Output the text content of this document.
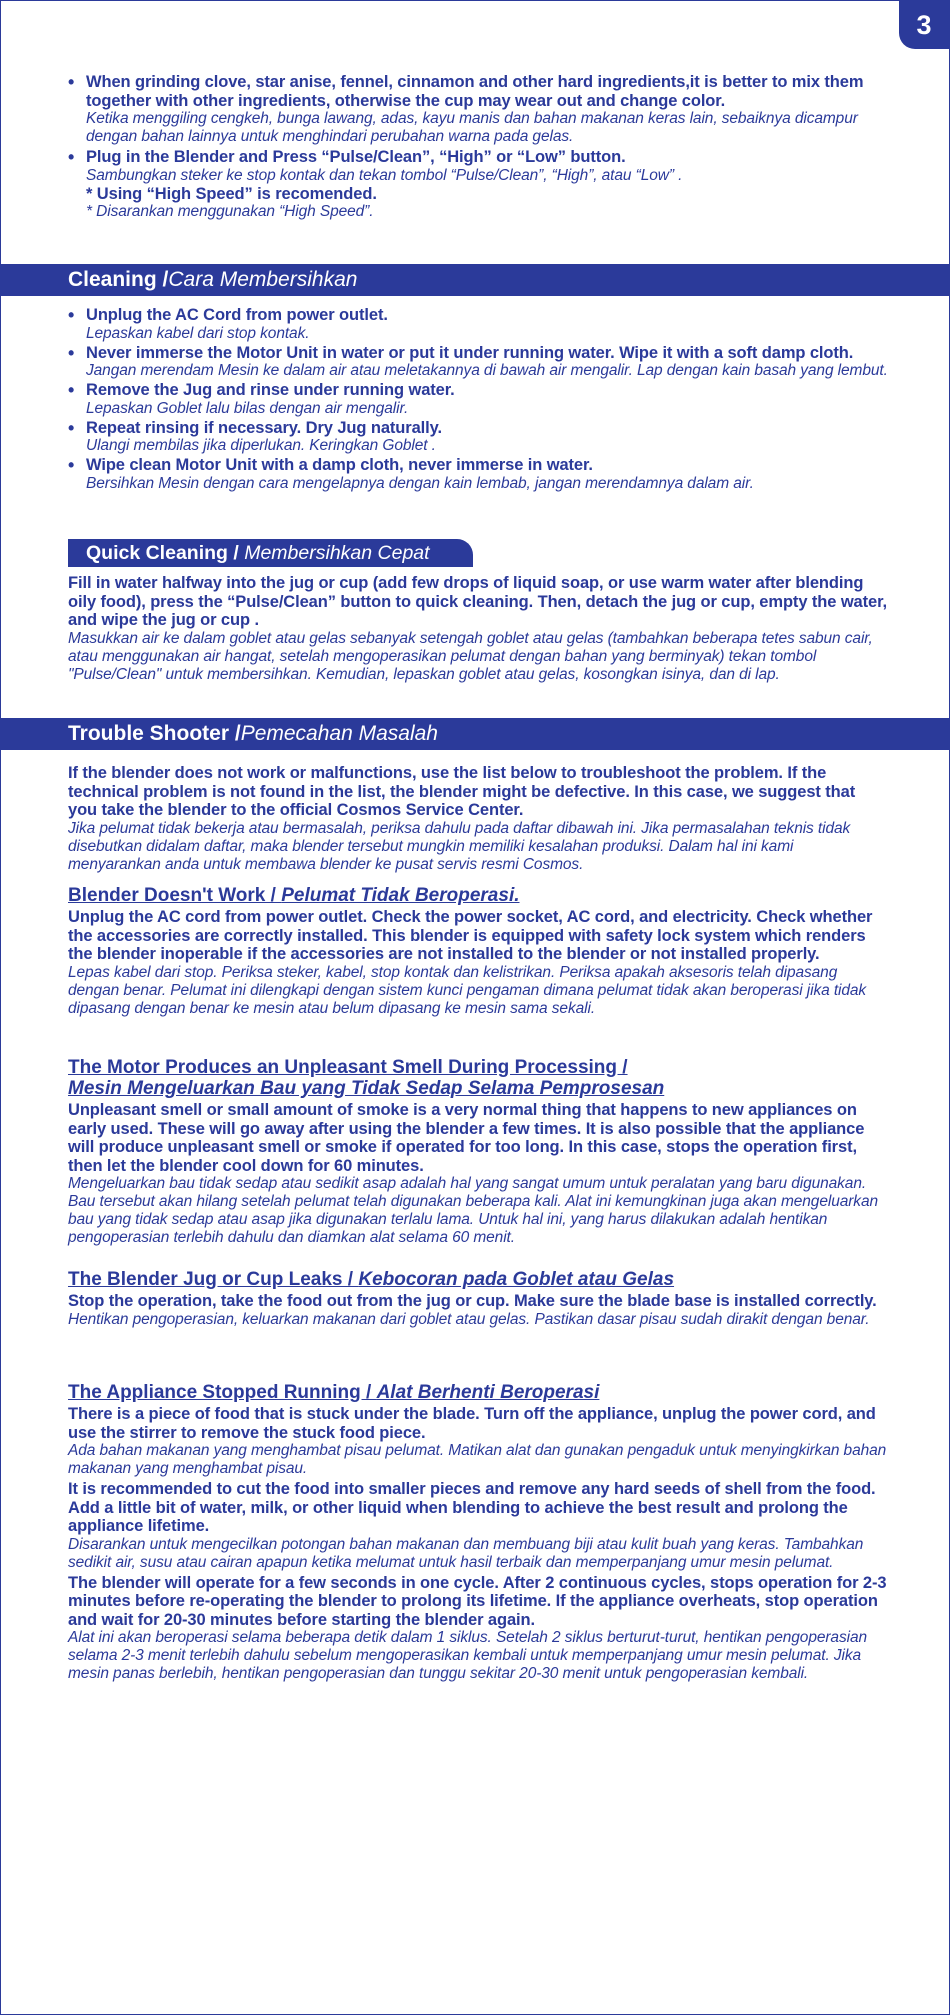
3
• When grinding clove, star anise, fennel, cinnamon and other hard ingredients,it is better to mix them together with other ingredients, otherwise the cup may wear out and change color.
Ketika menggiling cengkeh, bunga lawang, adas, kayu manis dan bahan makanan keras lain, sebaiknya dicampur dengan bahan lainnya untuk menghindari perubahan warna pada gelas.
• Plug in the Blender and Press “Pulse/Clean”, “High” or “Low” button.
Sambungkan steker ke stop kontak dan tekan tombol “Pulse/Clean”, “High”, atau “Low” .
* Using “High Speed” is recomended.
* Disarankan menggunakan “High Speed”.
Cleaning / Cara Membersihkan
• Unplug the AC Cord from power outlet.
Lepaskan kabel dari stop kontak.
• Never immerse the Motor Unit in water or put it under running water. Wipe it with a soft damp cloth.
Jangan merendam Mesin ke dalam air atau meletakannya di bawah air mengalir. Lap dengan kain basah yang lembut.
• Remove the Jug and rinse under running water.
Lepaskan Goblet lalu bilas dengan air mengalir.
• Repeat rinsing if necessary. Dry Jug naturally.
Ulangi membilas jika diperlukan. Keringkan Goblet .
• Wipe clean Motor Unit with a damp cloth, never immerse in water.
Bersihkan Mesin dengan cara mengelapnya dengan kain lembab, jangan merendamnya dalam air.
Quick Cleaning /
Membersihkan Cepat
Fill in water halfway into the jug or cup (add few drops of liquid soap, or use warm water after blending oily food), press the “Pulse/Clean” button to quick cleaning. Then, detach the jug or cup, empty the water, and wipe the jug or cup .
Masukkan air ke dalam goblet atau gelas sebanyak setengah goblet atau gelas (tambahkan beberapa tetes sabun cair, atau menggunakan air hangat, setelah mengoperasikan pelumat dengan bahan yang berminyak) tekan tombol "Pulse/Clean" untuk membersihkan. Kemudian, lepaskan goblet atau gelas, kosongkan isinya, dan di lap.
Trouble Shooter / Pemecahan Masalah
If the blender does not work or malfunctions, use the list below to troubleshoot the problem. If the technical problem is not found in the list, the blender might be defective. In this case, we suggest that you take the blender to the official Cosmos Service Center.
Jika pelumat tidak bekerja atau bermasalah, periksa dahulu pada daftar dibawah ini. Jika permasalahan teknis tidak disebutkan didalam daftar, maka blender tersebut mungkin memiliki kesalahan produksi. Dalam hal ini kami menyarankan anda untuk membawa blender ke pusat servis resmi Cosmos.
Blender Doesn't Work / Pelumat Tidak Beroperasi.
Unplug the AC cord from power outlet. Check the power socket, AC cord, and electricity. Check whether the accessories are correctly installed. This blender is equipped with safety lock system which renders the blender inoperable if the accessories are not installed to the blender or not installed properly.
Lepas kabel dari stop. Periksa steker, kabel, stop kontak dan kelistrikan. Periksa apakah aksesoris telah dipasang dengan benar. Pelumat ini dilengkapi dengan sistem kunci pengaman dimana pelumat tidak akan beroperasi jika tidak dipasang dengan benar ke mesin atau belum dipasang ke mesin sama sekali.
The Motor Produces an Unpleasant Smell During Processing /
Mesin Mengeluarkan Bau yang Tidak Sedap Selama Pemprosesan
Unpleasant smell or small amount of smoke is a very normal thing that happens to new appliances on early used. These will go away after using the blender a few times. It is also possible that the appliance will produce unpleasant smell or smoke if operated for too long. In this case, stops the operation first, then let the blender cool down for 60 minutes.
Mengeluarkan bau tidak sedap atau sedikit asap adalah hal yang sangat umum untuk peralatan yang baru digunakan. Bau tersebut akan hilang setelah pelumat telah digunakan beberapa kali. Alat ini kemungkinan juga akan mengeluarkan bau yang tidak sedap atau asap jika digunakan terlalu lama. Untuk hal ini, yang harus dilakukan adalah hentikan pengoperasian terlebih dahulu dan diamkan alat selama 60 menit.
The Blender Jug or Cup Leaks / Kebocoran pada Goblet atau Gelas
Stop the operation, take the food out from the jug or cup. Make sure the blade base is installed correctly.
Hentikan pengoperasian, keluarkan makanan dari goblet atau gelas. Pastikan dasar pisau sudah dirakit dengan benar.
The Appliance Stopped Running / Alat Berhenti Beroperasi
There is a piece of food that is stuck under the blade. Turn off the appliance, unplug the power cord, and use the stirrer to remove the stuck food piece.
Ada bahan makanan yang menghambat pisau pelumat. Matikan alat dan gunakan pengaduk untuk menyingkirkan bahan makanan yang menghambat pisau.
It is recommended to cut the food into smaller pieces and remove any hard seeds of shell from the food. Add a little bit of water, milk, or other liquid when blending to achieve the best result and prolong the appliance lifetime.
Disarankan untuk mengecilkan potongan bahan makanan dan membuang biji atau kulit buah yang keras. Tambahkan sedikit air, susu atau cairan apapun ketika melumat untuk hasil terbaik dan memperpanjang umur mesin pelumat.
The blender will operate for a few seconds in one cycle. After 2 continuous cycles, stops operation for 2-3 minutes before re-operating the blender to prolong its lifetime. If the appliance overheats, stop operation and wait for 20-30 minutes before starting the blender again.
Alat ini akan beroperasi selama beberapa detik dalam 1 siklus. Setelah 2 siklus berturut-turut, hentikan pengoperasian selama 2-3 menit terlebih dahulu sebelum mengoperasikan kembali untuk memperpanjang umur mesin pelumat. Jika mesin panas berlebih, hentikan pengoperasian dan tunggu sekitar 20-30 menit untuk pengoperasian kembali.
